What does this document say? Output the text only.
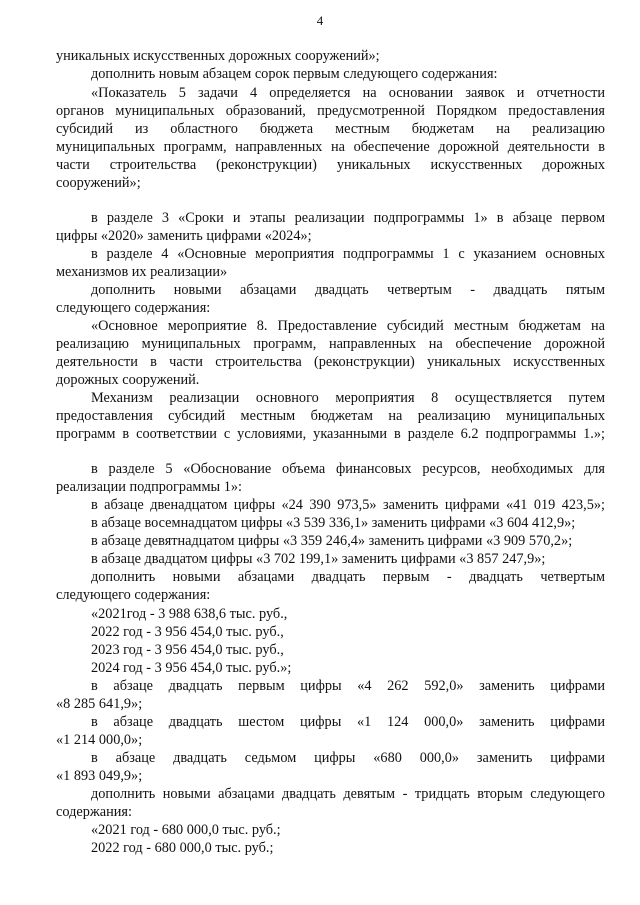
4
уникальных искусственных дорожных сооружений»;
дополнить новым абзацем сорок первым следующего содержания:
«Показатель 5 задачи 4 определяется на основании заявок и отчетности
органов муниципальных образований, предусмотренной Порядком предоставления
субсидий из областного бюджета местным бюджетам на реализацию
муниципальных программ, направленных на обеспечение дорожной деятельности в
части строительства (реконструкции) уникальных искусственных дорожных
сооружений»;
в разделе 3 «Сроки и этапы реализации подпрограммы 1» в абзаце первом
цифры «2020» заменить цифрами «2024»;
в разделе 4 «Основные мероприятия подпрограммы 1 с указанием основных
механизмов их реализации»
дополнить новыми абзацами двадцать четвертым - двадцать пятым
следующего содержания:
«Основное мероприятие 8. Предоставление субсидий местным бюджетам на
реализацию муниципальных программ, направленных на обеспечение дорожной
деятельности в части строительства (реконструкции) уникальных искусственных
дорожных сооружений.
Механизм реализации основного мероприятия 8 осуществляется путем
предоставления субсидий местным бюджетам на реализацию муниципальных
программ в соответствии с условиями, указанными в разделе 6.2 подпрограммы 1.»;
в разделе 5 «Обоснование объема финансовых ресурсов, необходимых для
реализации подпрограммы 1»:
в абзаце двенадцатом цифры «24 390 973,5» заменить цифрами «41 019 423,5»;
в абзаце восемнадцатом цифры «3 539 336,1» заменить цифрами «3 604 412,9»;
в абзаце девятнадцатом цифры «3 359 246,4» заменить цифрами «3 909 570,2»;
в абзаце двадцатом цифры «3 702 199,1» заменить цифрами «3 857 247,9»;
дополнить новыми абзацами двадцать первым - двадцать четвертым
следующего содержания:
«2021год - 3 988 638,6 тыс. руб.,
2022 год - 3 956 454,0 тыс. руб.,
2023 год - 3 956 454,0 тыс. руб.,
2024 год - 3 956 454,0 тыс. руб.»;
в абзаце двадцать первым цифры «4 262 592,0» заменить цифрами
«8 285 641,9»;
в абзаце двадцать шестом цифры «1 124 000,0» заменить цифрами
«1 214 000,0»;
в абзаце двадцать седьмом цифры «680 000,0» заменить цифрами
«1 893 049,9»;
дополнить новыми абзацами двадцать девятым - тридцать вторым следующего
содержания:
«2021 год - 680 000,0 тыс. руб.;
2022 год - 680 000,0 тыс. руб.;
